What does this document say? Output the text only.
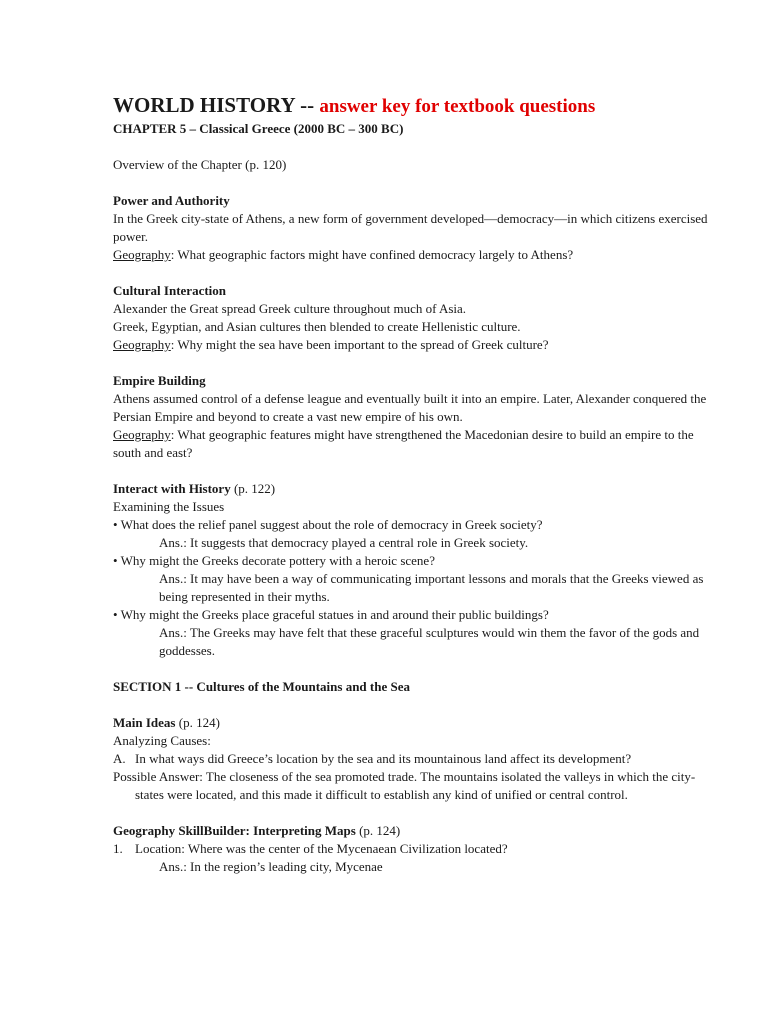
WORLD HISTORY -- answer key for textbook questions

CHAPTER 5 – Classical Greece (2000 BC – 300 BC)

Overview of the Chapter (p. 120)

Power and Authority

In the Greek city-state of Athens, a new form of government developed—democracy—in which citizens exercised power.

Geography: What geographic factors might have confined democracy largely to Athens?

Cultural Interaction

Alexander the Great spread Greek culture throughout much of Asia.

Greek, Egyptian, and Asian cultures then blended to create Hellenistic culture.

Geography: Why might the sea have been important to the spread of Greek culture?

Empire Building

Athens assumed control of a defense league and eventually built it into an empire. Later, Alexander conquered the Persian Empire and beyond to create a vast new empire of his own.

Geography: What geographic features might have strengthened the Macedonian desire to build an empire to the south and east?

Interact with History (p. 122)

Examining the Issues

• What does the relief panel suggest about the role of democracy in Greek society?

Ans.: It suggests that democracy played a central role in Greek society.

• Why might the Greeks decorate pottery with a heroic scene?

Ans.: It may have been a way of communicating important lessons and morals that the Greeks viewed as being represented in their myths.

• Why might the Greeks place graceful statues in and around their public buildings?

Ans.: The Greeks may have felt that these graceful sculptures would win them the favor of the gods and goddesses.

SECTION 1 -- Cultures of the Mountains and the Sea

Main Ideas (p. 124)

Analyzing Causes:

A. In what ways did Greece’s location by the sea and its mountainous land affect its development?

Possible Answer: The closeness of the sea promoted trade. The mountains isolated the valleys in which the city-states were located, and this made it difficult to establish any kind of unified or central control.

Geography SkillBuilder: Interpreting Maps (p. 124)

1. Location: Where was the center of the Mycenaean Civilization located?

Ans.: In the region’s leading city, Mycenae
